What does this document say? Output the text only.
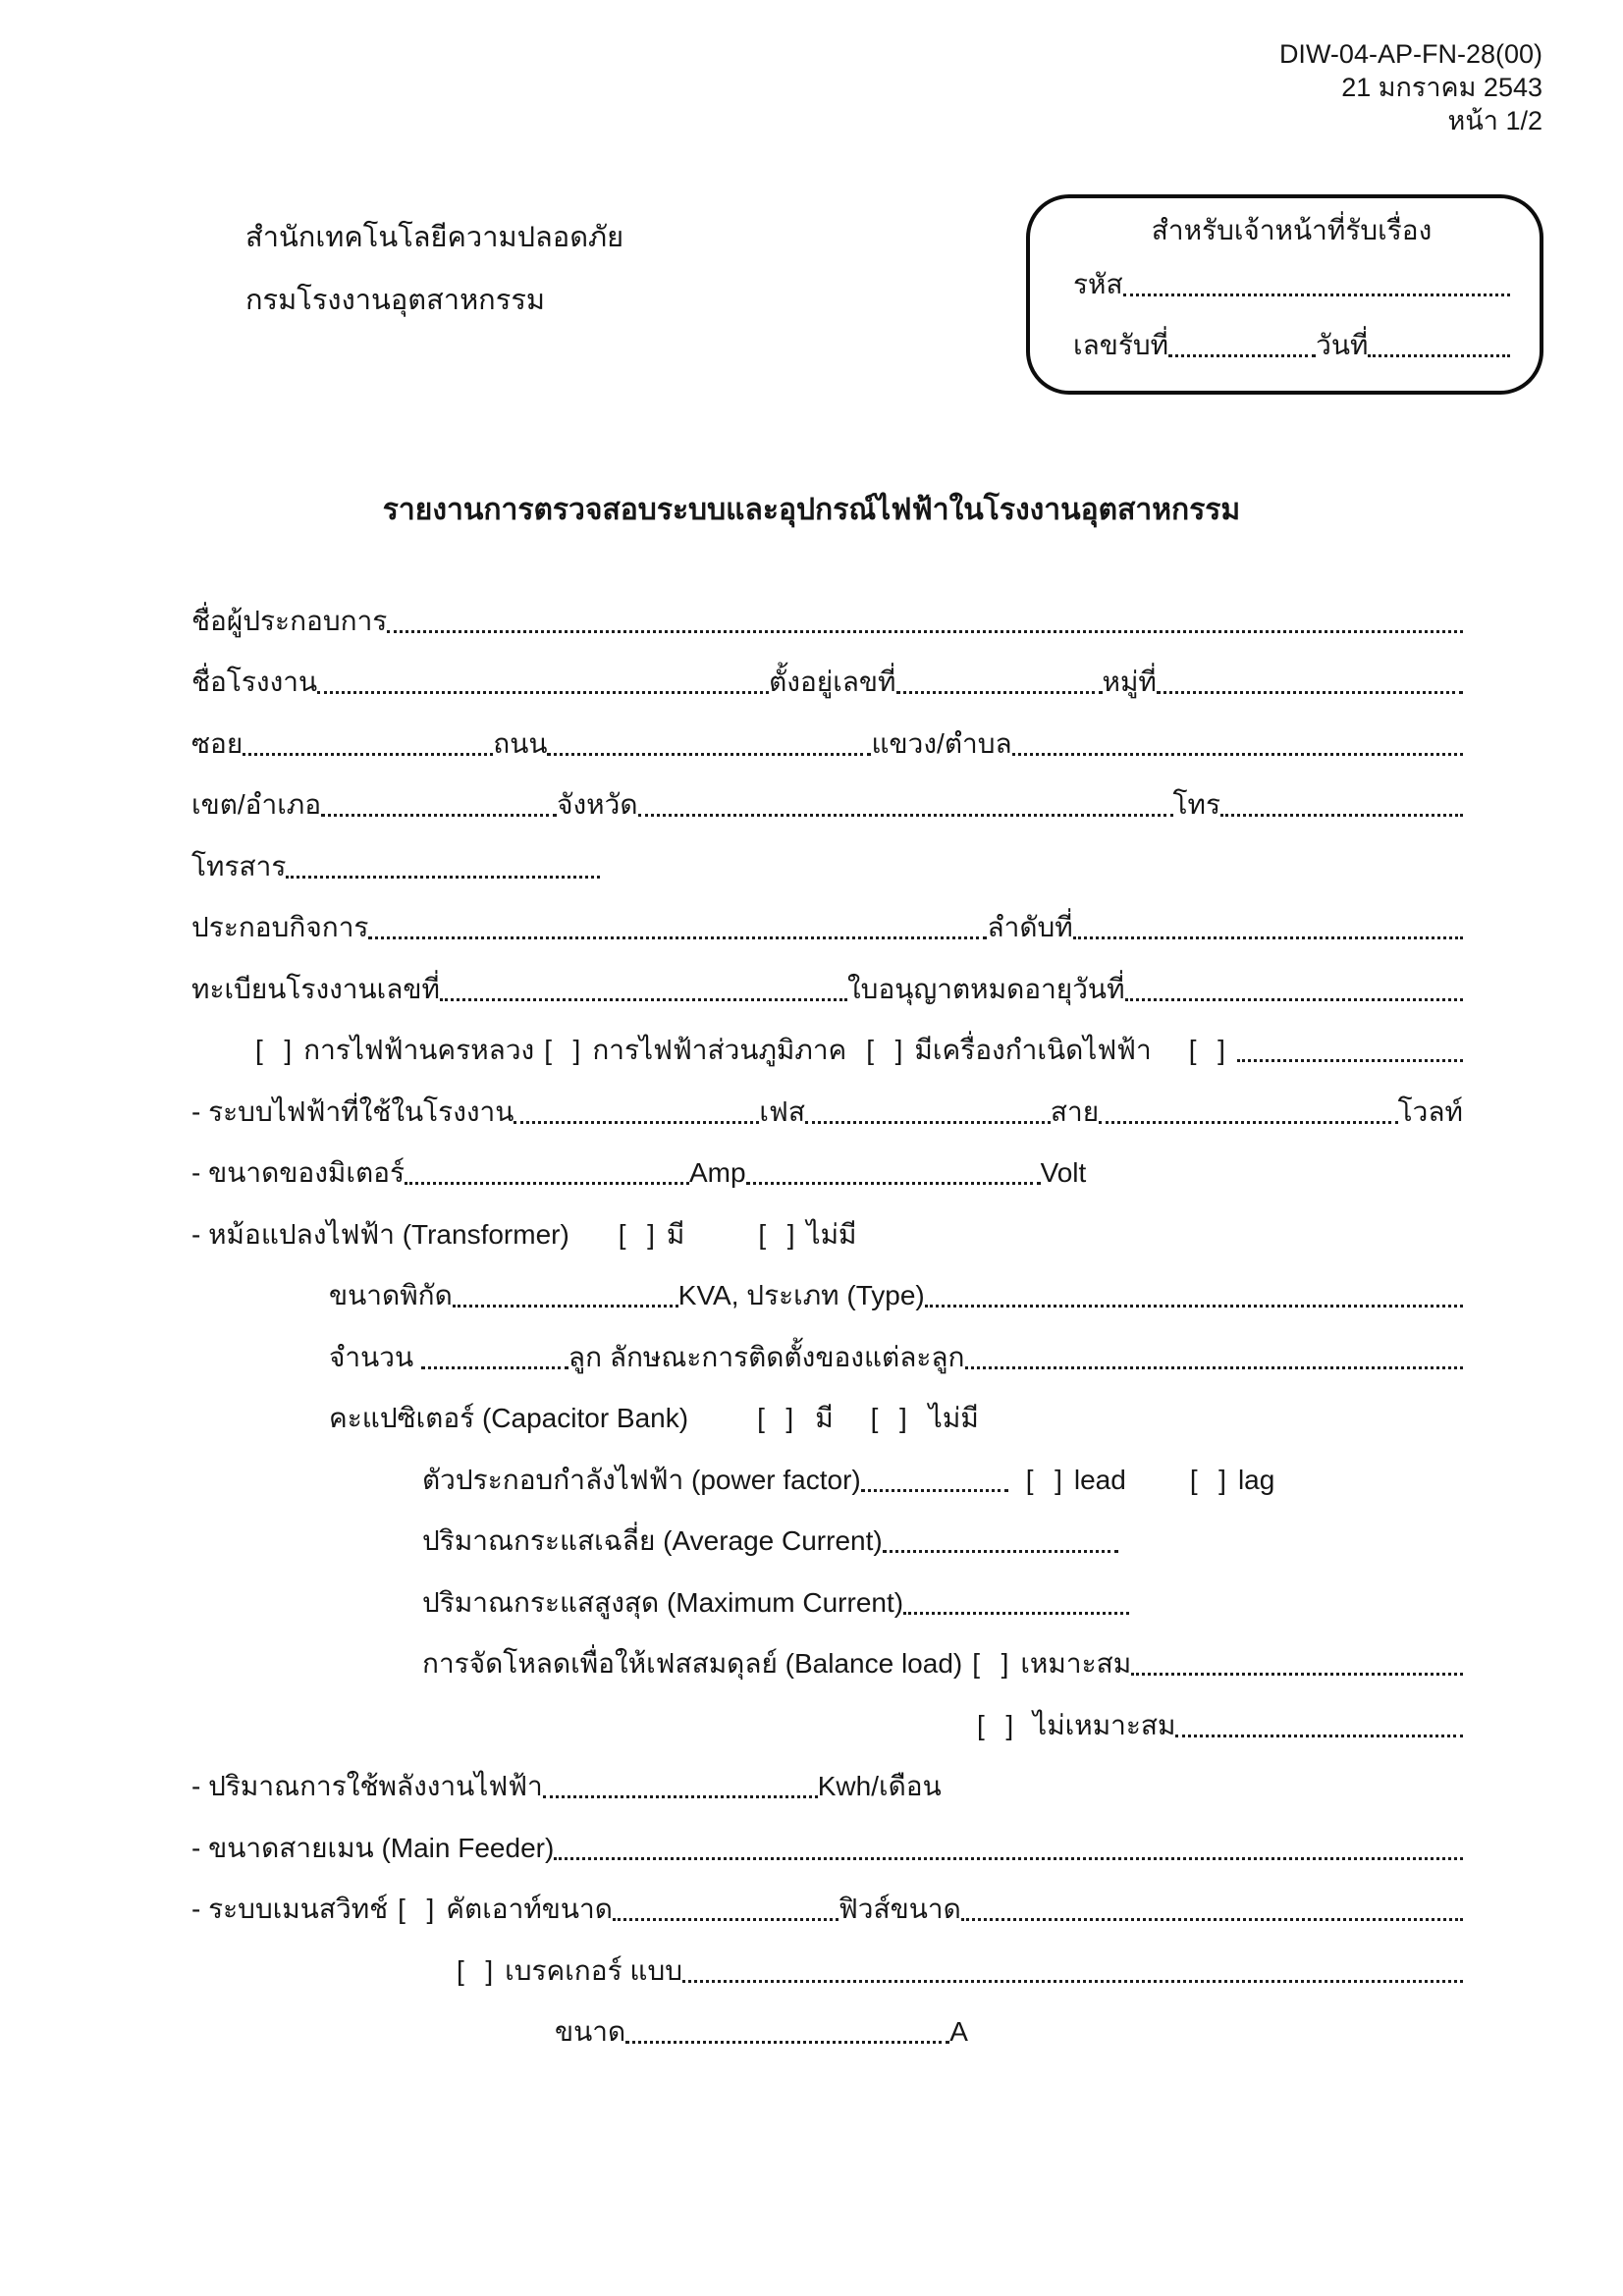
DIW-04-AP-FN-28(00)
21 มกราคม 2543
หน้า 1/2
สำนักเทคโนโลยีความปลอดภัย
กรมโรงงานอุตสาหกรรม
สำหรับเจ้าหน้าที่รับเรื่อง
รหัส
เลขรับที่	วันที่
รายงานการตรวจสอบระบบและอุปกรณ์ไฟฟ้าในโรงงานอุตสาหกรรม
ชื่อผู้ประกอบการ
ชื่อโรงงาน	ตั้งอยู่เลขที่	หมู่ที่
ซอย	ถนน	แขวง/ตำบล
เขต/อำเภอ	จังหวัด	โทร
โทรสาร
ประกอบกิจการ	ลำดับที่
ทะเบียนโรงงานเลขที่	ใบอนุญาตหมดอายุวันที่
[  ] การไฟฟ้านครหลวง [  ] การไฟฟ้าส่วนภูมิภาค [  ] มีเครื่องกำเนิดไฟฟ้า [  ]
- ระบบไฟฟ้าที่ใช้ในโรงงาน	เฟส	สาย	โวลท์
- ขนาดของมิเตอร์	Amp	Volt
- หม้อแปลงไฟฟ้า (Transformer) [  ] มี	[  ] ไม่มี
ขนาดพิกัด	KVA, ประเภท (Type)
จำนวน	ลูก ลักษณะการติดตั้งของแต่ละลูก
คะแปซิเตอร์ (Capacitor Bank)	[  ] มี [  ] ไม่มี
ตัวประกอบกำลังไฟฟ้า (power factor)	[  ] lead [  ] lag
ปริมาณกระแสเฉลี่ย (Average Current)
ปริมาณกระแสสูงสุด (Maximum Current)
การจัดโหลดเพื่อให้เฟสสมดุลย์ (Balance load) [  ] เหมาะสม
[  ] ไม่เหมาะสม
- ปริมาณการใช้พลังงานไฟฟ้า	Kwh/เดือน
- ขนาดสายเมน (Main Feeder)
- ระบบเมนสวิทช์ [  ] คัตเอาท์ขนาด	ฟิวส์ขนาด
[  ] เบรคเกอร์ แบบ
ขนาด	A
